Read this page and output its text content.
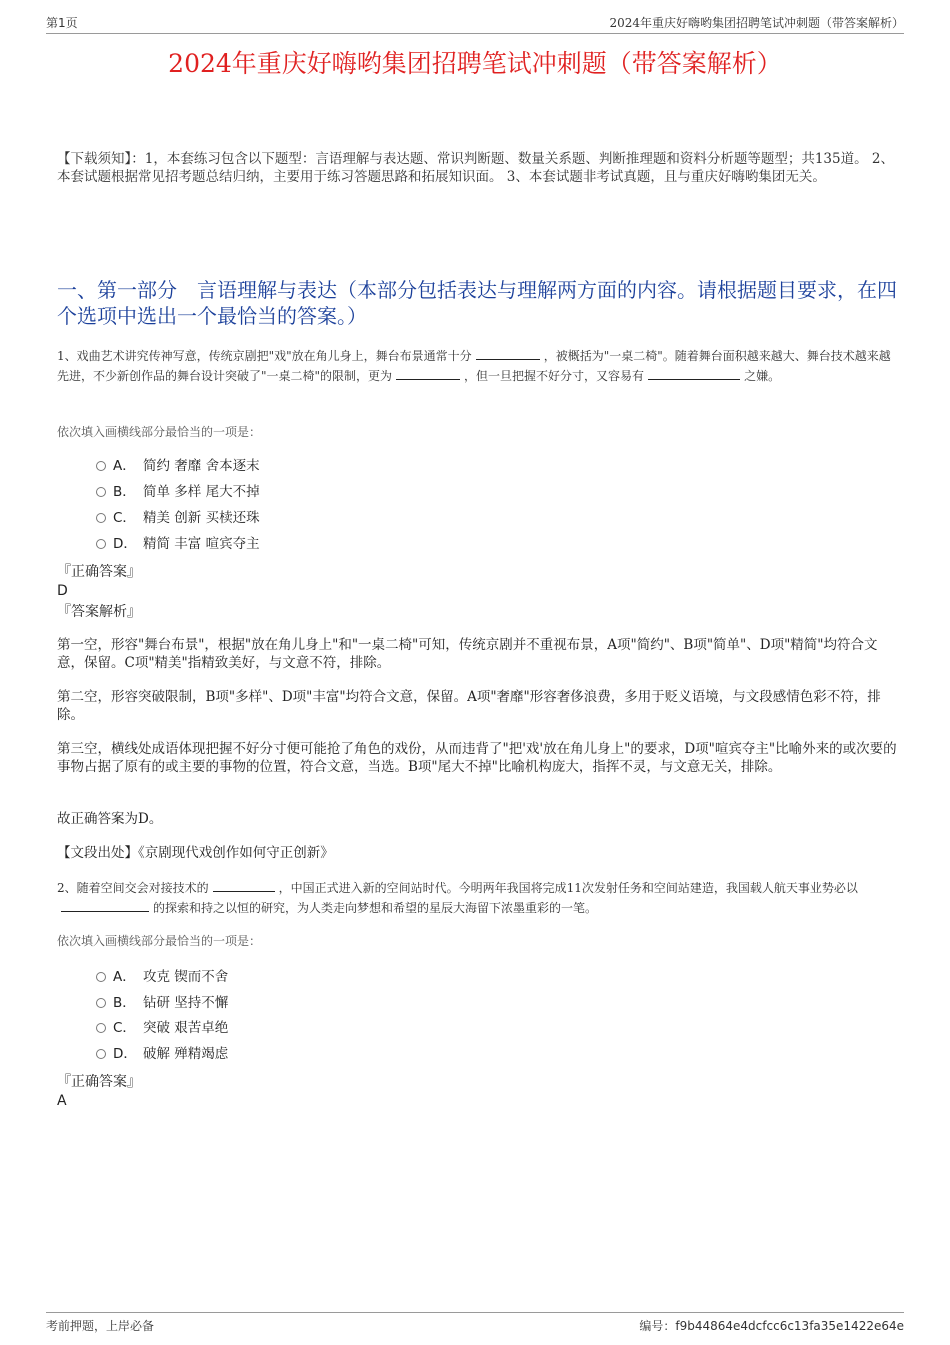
第1页	2024年重庆好嗨哟集团招聘笔试冲刺题（带答案解析）
2024年重庆好嗨哟集团招聘笔试冲刺题（带答案解析）
【下载须知】：1，本套练习包含以下题型：言语理解与表达题、常识判断题、数量关系题、判断推理题和资料分析题等题型；共135道。 2、本套试题根据常见招考题总结归纳，主要用于练习答题思路和拓展知识面。 3、本套试题非考试真题，且与重庆好嗨哟集团无关。
一、第一部分　言语理解与表达（本部分包括表达与理解两方面的内容。请根据题目要求，在四个选项中选出一个最恰当的答案。）
1、戏曲艺术讲究传神写意，传统京剧把"戏"放在角儿身上，舞台布景通常十分	，被概括为"一桌二椅"。随着舞台面积越来越大、舞台技术越来越先进，不少新创作品的舞台设计突破了"一桌二椅"的限制，更为	，但一旦把握不好分寸，又容易有	之嫌。
依次填入画横线部分最恰当的一项是：
A． 简约 奢靡 舍本逐末
B． 简单 多样 尾大不掉
C． 精美 创新 买椟还珠
D． 精简 丰富 喧宾夺主
『正确答案』
D
『答案解析』
第一空，形容"舞台布景"，根据"放在角儿身上"和"一桌二椅"可知，传统京剧并不重视布景，A项"简约"、B项"简单"、D项"精简"均符合文意，保留。C项"精美"指精致美好，与文意不符，排除。
第二空，形容突破限制，B项"多样"、D项"丰富"均符合文意，保留。A项"奢靡"形容奢侈浪费，多用于贬义语境，与文段感情色彩不符，排除。
第三空，横线处成语体现把握不好分寸便可能抢了角色的戏份，从而违背了"把'戏'放在角儿身上"的要求，D项"喧宾夺主"比喻外来的或次要的事物占据了原有的或主要的事物的位置，符合文意，当选。B项"尾大不掉"比喻机构庞大，指挥不灵，与文意无关，排除。
故正确答案为D。
【文段出处】《京剧现代戏创作如何守正创新》
2、随着空间交会对接技术的	，中国正式进入新的空间站时代。今明两年我国将完成11次发射任务和空间站建造，我国载人航天事业势必以的探索和持之以恒的研究，为人类走向梦想和希望的星辰大海留下浓墨重彩的一笔。
依次填入画横线部分最恰当的一项是：
A． 攻克 锲而不舍
B． 钻研 坚持不懈
C． 突破 艰苦卓绝
D． 破解 殚精竭虑
『正确答案』
A
考前押题，上岸必备	编号：f9b44864e4dcfcc6c13fa35e1422e64e
